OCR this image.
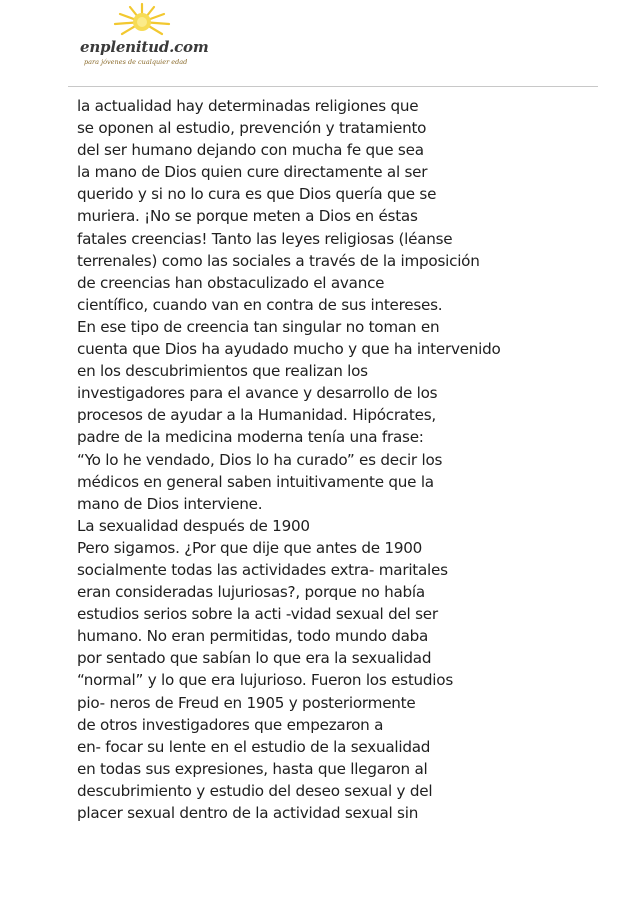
enplenitud.com
para jóvenes de cualquier edad
la actualidad hay determinadas religiones que
se oponen al estudio, prevención y tratamiento
del ser humano dejando con mucha fe que sea
la mano de Dios quien cure directamente al ser
querido y si no lo cura es que Dios quería que se
muriera. ¡No se porque meten a Dios en éstas
fatales creencias! Tanto las leyes religiosas (léanse
terrenales) como las sociales a través de la imposición
de creencias han obstaculizado el avance
científico, cuando van en contra de sus intereses.
En ese tipo de creencia tan singular no toman en
cuenta que Dios ha ayudado mucho y que ha intervenido
en los descubrimientos que realizan los
investigadores para el avance y desarrollo de los
procesos de ayudar a la Humanidad. Hipócrates,
padre de la medicina moderna tenía una frase:
“Yo lo he vendado, Dios lo ha curado” es decir los
médicos en general saben intuitivamente que la
mano de Dios interviene.
La sexualidad después de 1900
Pero sigamos. ¿Por que dije que antes de 1900
socialmente todas las actividades extra- maritales
eran consideradas lujuriosas?, porque no había
estudios serios sobre la acti -vidad sexual del ser
humano. No eran permitidas, todo mundo daba
por sentado que sabían lo que era la sexualidad
“normal” y lo que era lujurioso. Fueron los estudios
pio- neros de Freud en 1905 y posteriormente
de otros investigadores que empezaron a
en- focar su lente en el estudio de la sexualidad
en todas sus expresiones, hasta que llegaron al
descubrimiento y estudio del deseo sexual y del
placer sexual dentro de la actividad sexual sin
